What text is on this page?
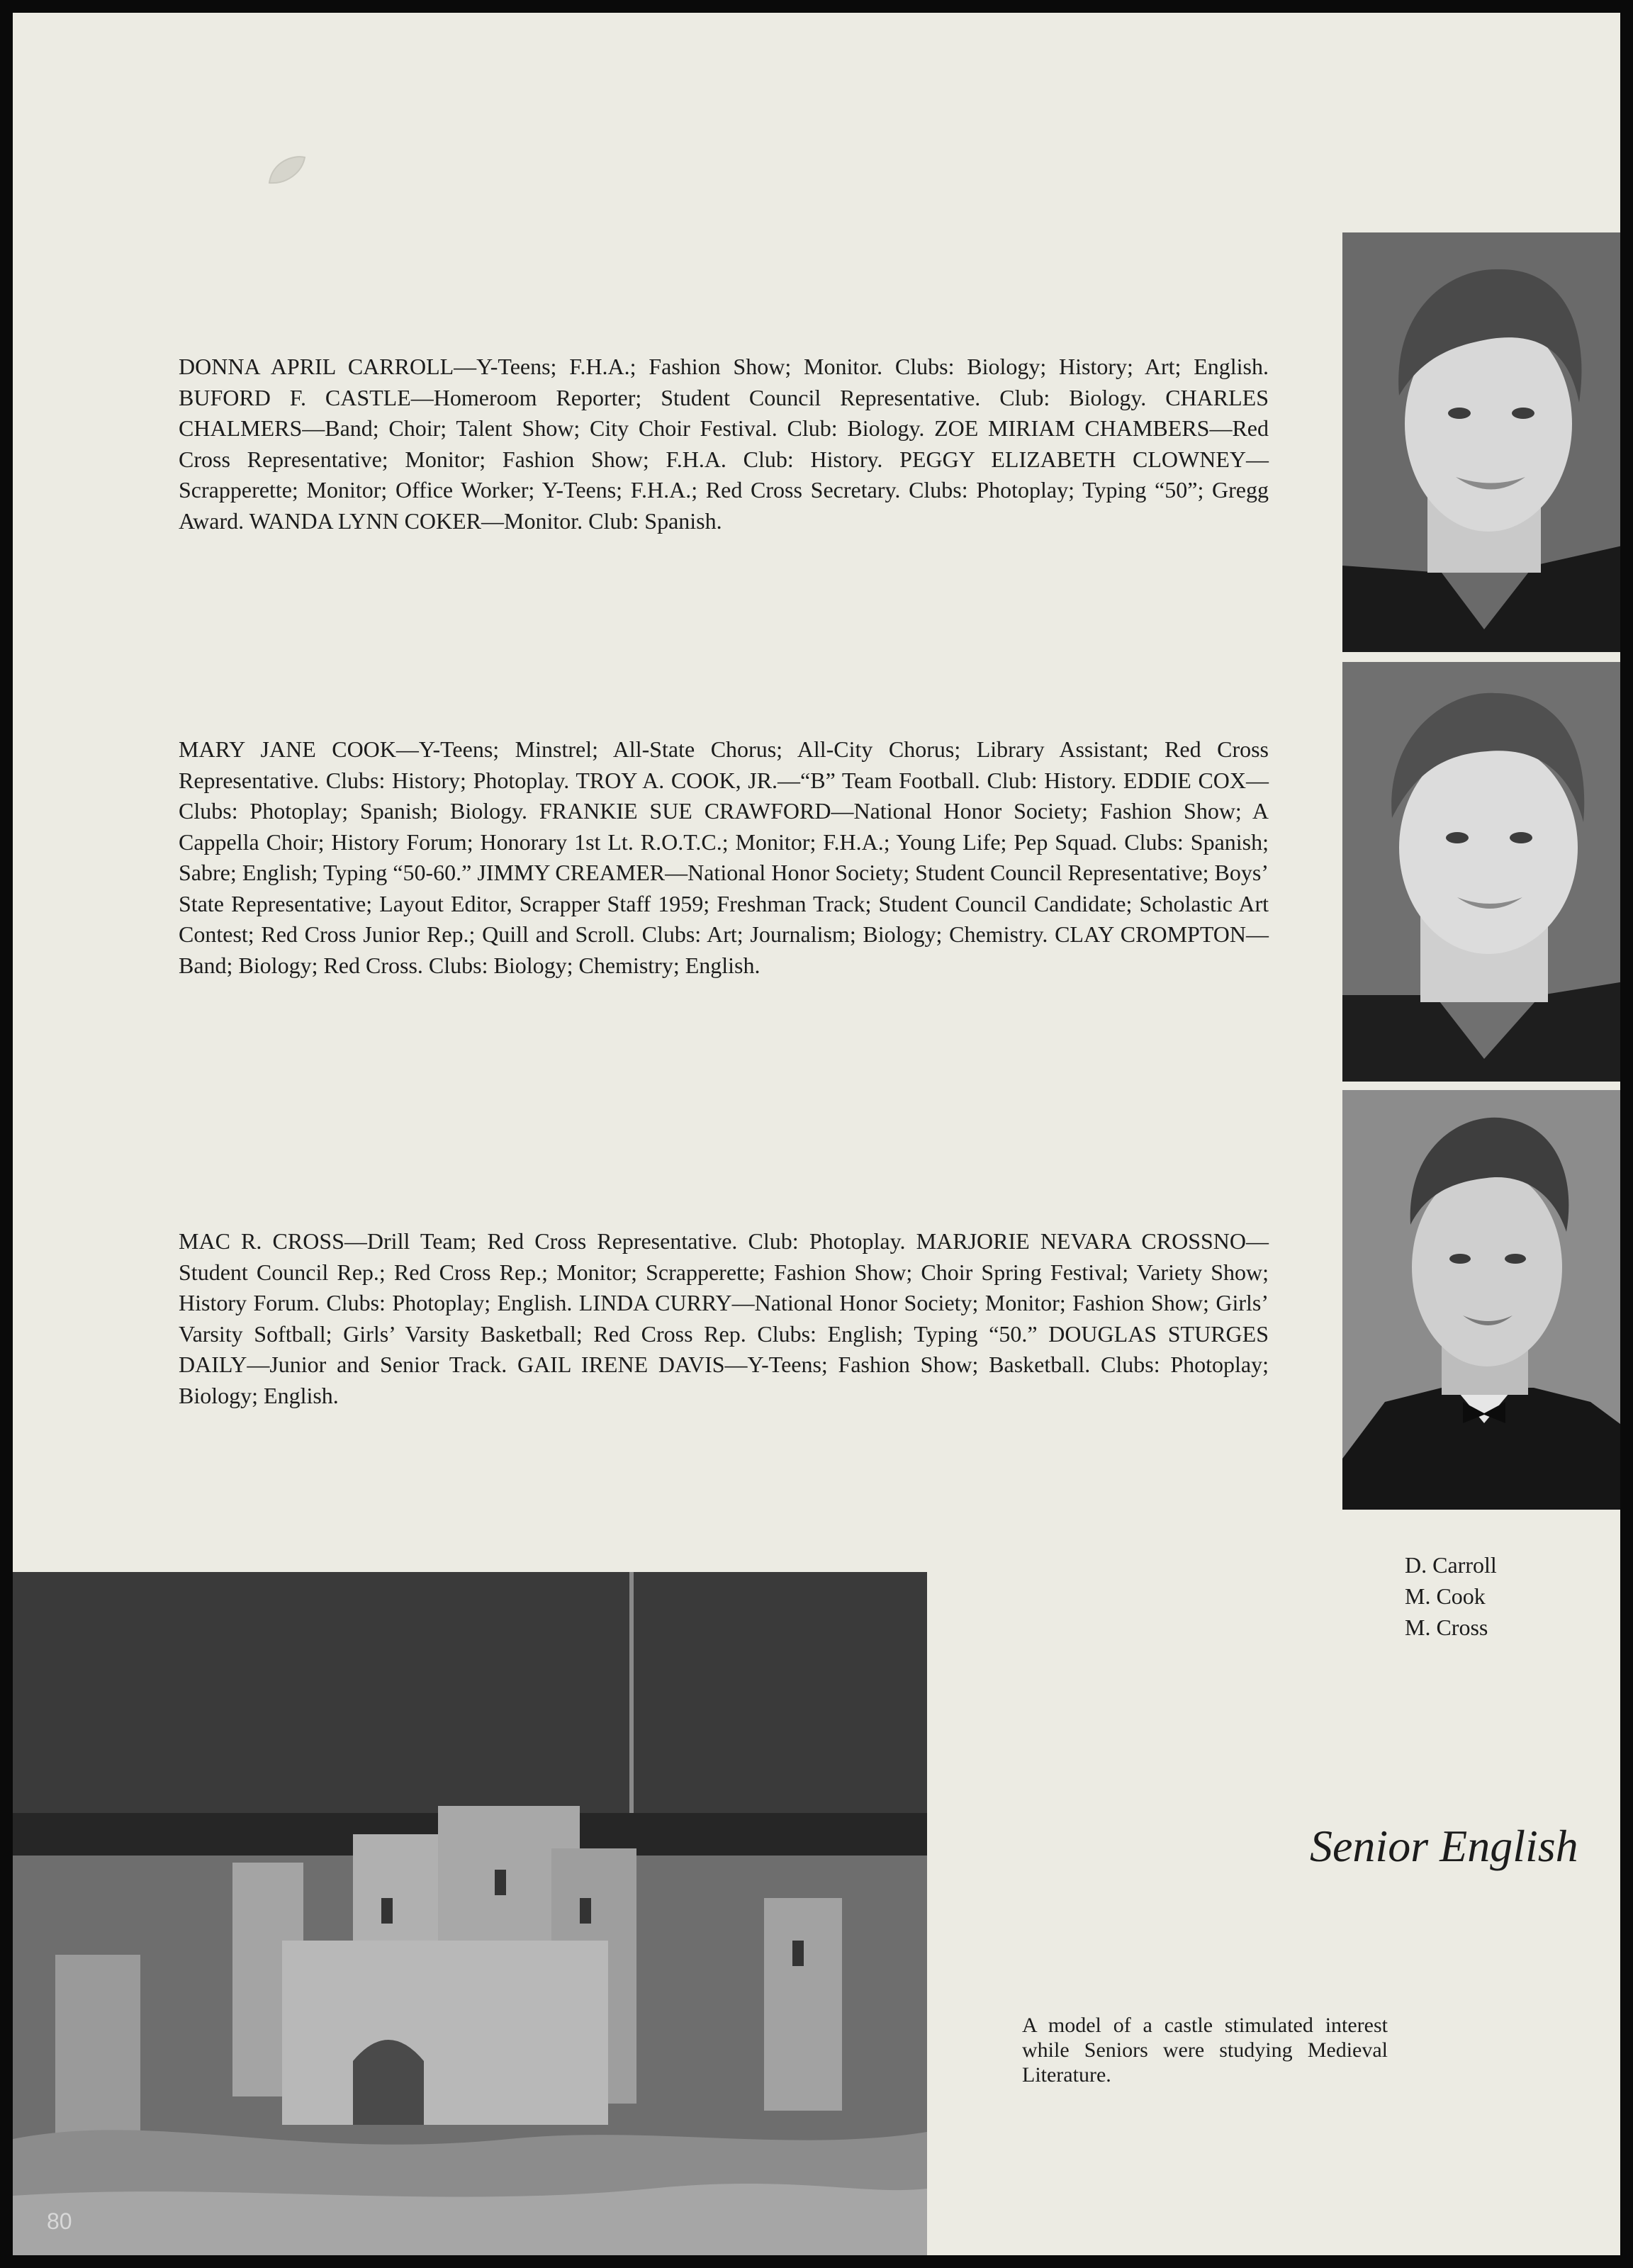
DONNA APRIL CARROLL—Y-Teens; F.H.A.; Fashion Show; Monitor. Clubs: Biology; History; Art; English. BUFORD F. CASTLE—Homeroom Reporter; Student Council Representative. Club: Biology. CHARLES CHALMERS—Band; Choir; Talent Show; City Choir Festival. Club: Biology. ZOE MIRIAM CHAMBERS—Red Cross Representative; Monitor; Fashion Show; F.H.A. Club: History. PEGGY ELIZABETH CLOWNEY—Scrapperette; Monitor; Office Worker; Y-Teens; F.H.A.; Red Cross Secretary. Clubs: Photoplay; Typing “50”; Gregg Award. WANDA LYNN COKER—Monitor. Club: Spanish.

MARY JANE COOK—Y-Teens; Minstrel; All-State Chorus; All-City Chorus; Library Assistant; Red Cross Representative. Clubs: History; Photoplay. TROY A. COOK, JR.—“B” Team Football. Club: History. EDDIE COX—Clubs: Photoplay; Spanish; Biology. FRANKIE SUE CRAWFORD—National Honor Society; Fashion Show; A Cappella Choir; History Forum; Honorary 1st Lt. R.O.T.C.; Monitor; F.H.A.; Young Life; Pep Squad. Clubs: Spanish; Sabre; English; Typing “50-60.” JIMMY CREAMER—National Honor Society; Student Council Representative; Boys’ State Representative; Layout Editor, Scrapper Staff 1959; Freshman Track; Student Council Candidate; Scholastic Art Contest; Red Cross Junior Rep.; Quill and Scroll. Clubs: Art; Journalism; Biology; Chemistry. CLAY CROMPTON—Band; Biology; Red Cross. Clubs: Biology; Chemistry; English.

MAC R. CROSS—Drill Team; Red Cross Representative. Club: Photoplay. MARJORIE NEVARA CROSSNO—Student Council Rep.; Red Cross Rep.; Monitor; Scrapperette; Fashion Show; Choir Spring Festival; Variety Show; History Forum. Clubs: Photoplay; English. LINDA CURRY—National Honor Society; Monitor; Fashion Show; Girls’ Varsity Softball; Girls’ Varsity Basketball; Red Cross Rep. Clubs: English; Typing “50.” DOUGLAS STURGES DAILY—Junior and Senior Track. GAIL IRENE DAVIS—Y-Teens; Fashion Show; Basketball. Clubs: Photoplay; Biology; English.

D. Carroll
M. Cook
M. Cross
Senior English

A model of a castle stimulated interest while Seniors were studying Medieval Literature.

80
